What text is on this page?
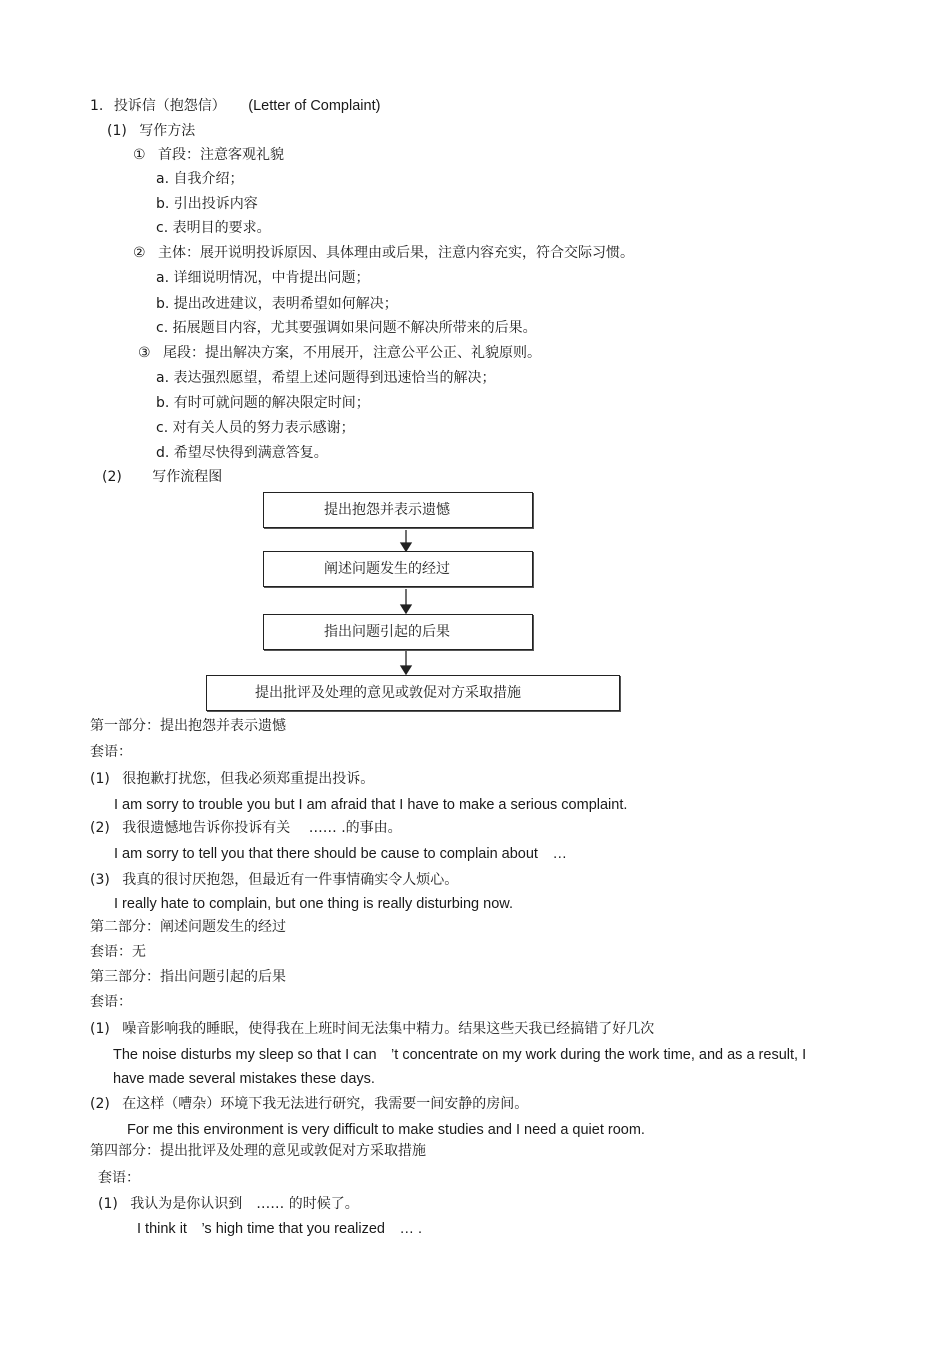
1. 投诉信（抱怨信） (Letter of Complaint)
(1) 写作方法
① 首段：注意客观礼貌
a. 自我介绍；
b. 引出投诉内容
c. 表明目的要求。
② 主体：展开说明投诉原因、具体理由或后果，注意内容充实，符合交际习惯。
a. 详细说明情况，中肯提出问题；
b. 提出改进建议，表明希望如何解决；
c. 拓展题目内容，尤其要强调如果问题不解决所带来的后果。
③ 尾段：提出解决方案，不用展开，注意公平公正、礼貌原则。
a. 表达强烈愿望，希望上述问题得到迅速恰当的解决；
b. 有时可就问题的解决限定时间；
c. 对有关人员的努力表示感谢；
d. 希望尽快得到满意答复。
(2) 写作流程图
提出抱怨并表示遗憾
阐述问题发生的经过
指出问题引起的后果
提出批评及处理的意见或敦促对方采取措施
第一部分：提出抱怨并表示遗憾
套语：
(1) 很抱歉打扰您，但我必须郑重提出投诉。
I am sorry to trouble you but I am afraid that I have to make a serious complaint.
(2) 我很遗憾地告诉你投诉有关　 …… .的事由。
I am sorry to tell you that there should be cause to complain about　…
(3) 我真的很讨厌抱怨，但最近有一件事情确实令人烦心。
I really hate to complain, but one thing is really disturbing now.
第二部分：阐述问题发生的经过
套语：无
第三部分：指出问题引起的后果
套语：
(1) 噪音影响我的睡眠，使得我在上班时间无法集中精力。结果这些天我已经搞错了好几次
The noise disturbs my sleep so that I can　’t concentrate on my work during the work time, and as a result, I
have made several mistakes these days.
(2) 在这样（嘈杂）环境下我无法进行研究，我需要一间安静的房间。
For me this environment is very difficult to make studies and I need a quiet room.
第四部分：提出批评及处理的意见或敦促对方采取措施
套语：
(1) 我认为是你认识到　…… 的时候了。
I think it　’s high time that you realized　… .
